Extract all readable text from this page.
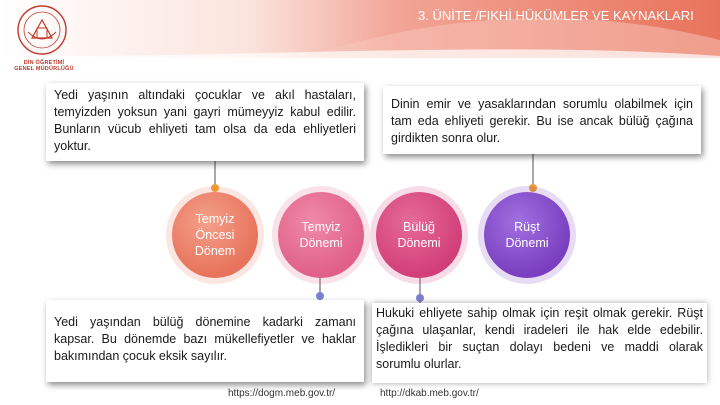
3. ÜNİTE /FIKHİ HÜKÜMLER VE KAYNAKLARI
DİN ÖĞRETİMİ
GENEL MÜDÜRLÜĞÜ
Temyiz Öncesi Dönem
Temyiz Dönemi
Bülüğ Dönemi
Rüşt Dönemi
Yedi yaşının altındaki çocuklar ve akıl hastaları, temyizden yoksun yani gayri mümeyyiz kabul edilir. Bunların vücub ehliyeti tam olsa da eda ehliyetleri yoktur.
Dinin emir ve yasaklarından sorumlu olabilmek için tam eda ehliyeti gerekir. Bu ise ancak bülüğ çağına girdikten sonra olur.
Yedi yaşından bülüğ dönemine kadarki zamanı kapsar. Bu dönemde bazı mükellefiyetler ve haklar bakımından çocuk eksik sayılır.
Hukuki ehliyete sahip olmak için reşit olmak gerekir. Rüşt çağına ulaşanlar, kendi iradeleri ile hak elde edebilir. İşledikleri bir suçtan dolayı bedeni ve maddi olarak sorumlu olurlar.
https://dogm.meb.gov.tr/	http://dkab.meb.gov.tr/
